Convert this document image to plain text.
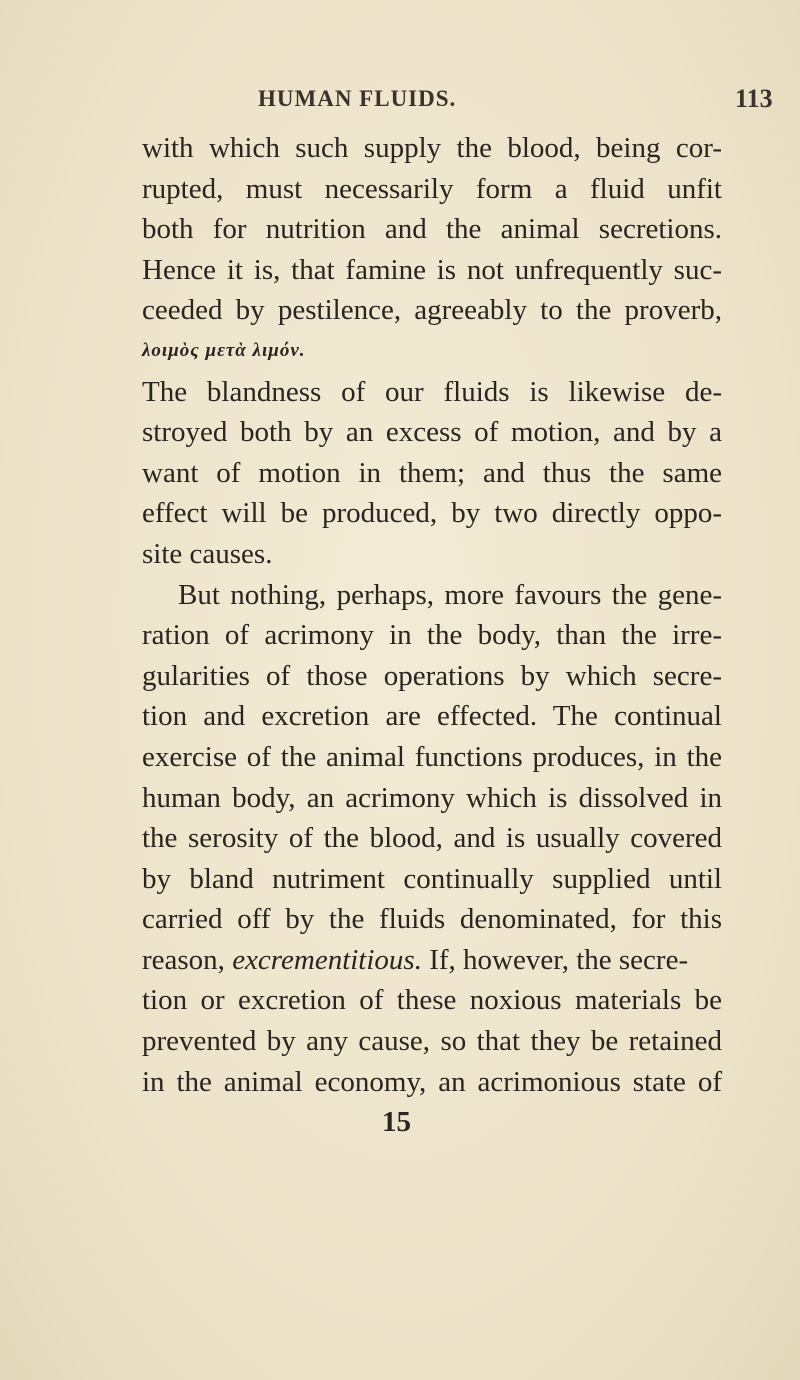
HUMAN FLUIDS.	113
with which such supply the blood, being cor-
rupted, must necessarily form a fluid unfit
both for nutrition and the animal secretions.
Hence it is, that famine is not unfrequently suc-
ceeded by pestilence, agreeably to the proverb,
λοιμὸς μετὰ λιμόν.
The blandness of our fluids is likewise de-
stroyed both by an excess of motion, and by a
want of motion in them; and thus the same
effect will be produced, by two directly oppo-
site causes.
But nothing, perhaps, more favours the gene-
ration of acrimony in the body, than the irre-
gularities of those operations by which secre-
tion and excretion are effected. The continual
exercise of the animal functions produces, in the
human body, an acrimony which is dissolved in
the serosity of the blood, and is usually covered
by bland nutriment continually supplied until
carried off by the fluids denominated, for this
reason, excrementitious. If, however, the secre-
tion or excretion of these noxious materials be
prevented by any cause, so that they be retained
in the animal economy, an acrimonious state of
15
